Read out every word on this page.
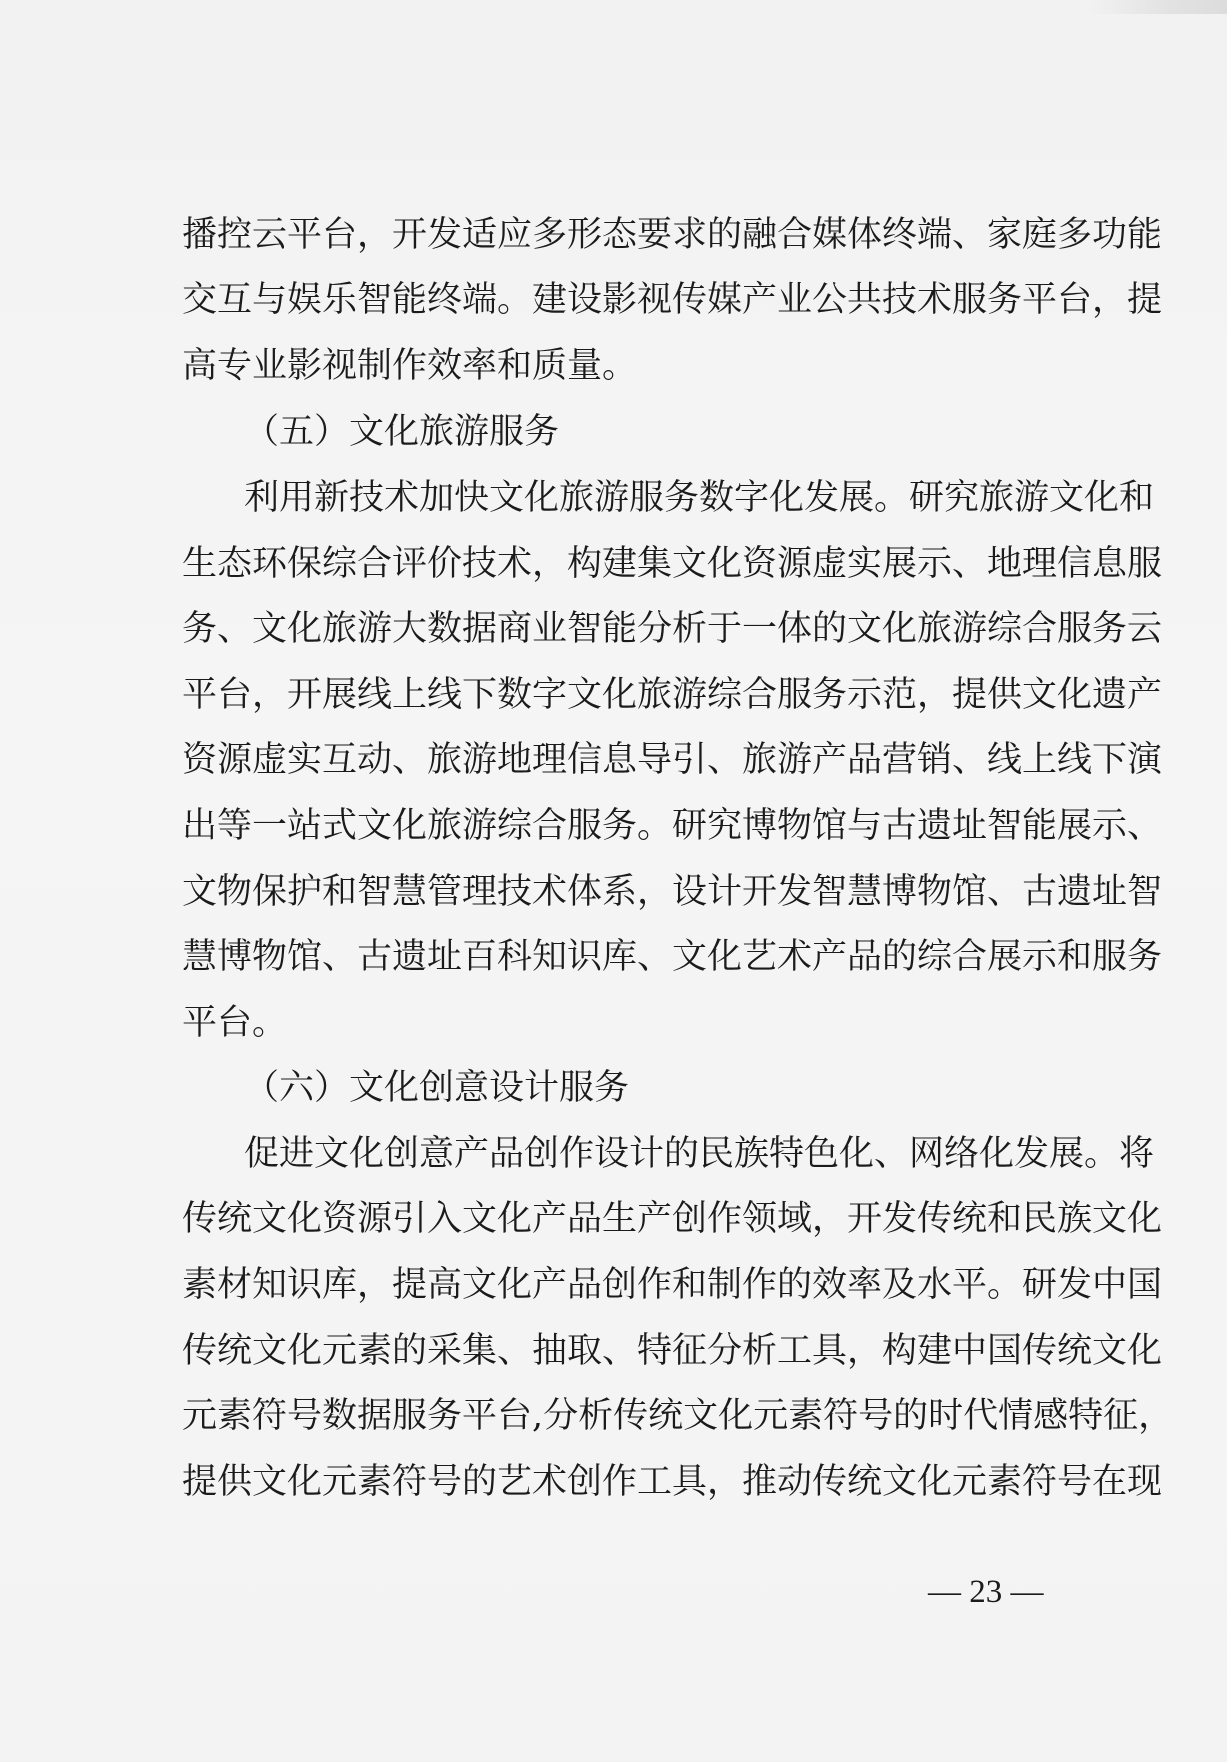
播控云平台，开发适应多形态要求的融合媒体终端、家庭多功能
交互与娱乐智能终端。建设影视传媒产业公共技术服务平台，提
高专业影视制作效率和质量。
（五）文化旅游服务
利用新技术加快文化旅游服务数字化发展。研究旅游文化和
生态环保综合评价技术，构建集文化资源虚实展示、地理信息服
务、文化旅游大数据商业智能分析于一体的文化旅游综合服务云
平台，开展线上线下数字文化旅游综合服务示范，提供文化遗产
资源虚实互动、旅游地理信息导引、旅游产品营销、线上线下演
出等一站式文化旅游综合服务。研究博物馆与古遗址智能展示、
文物保护和智慧管理技术体系，设计开发智慧博物馆、古遗址智
慧博物馆、古遗址百科知识库、文化艺术产品的综合展示和服务
平台。
（六）文化创意设计服务
促进文化创意产品创作设计的民族特色化、网络化发展。将
传统文化资源引入文化产品生产创作领域，开发传统和民族文化
素材知识库，提高文化产品创作和制作的效率及水平。研发中国
传统文化元素的采集、抽取、特征分析工具，构建中国传统文化
元素符号数据服务平台,分析传统文化元素符号的时代情感特征，
提供文化元素符号的艺术创作工具，推动传统文化元素符号在现
— 23 —
